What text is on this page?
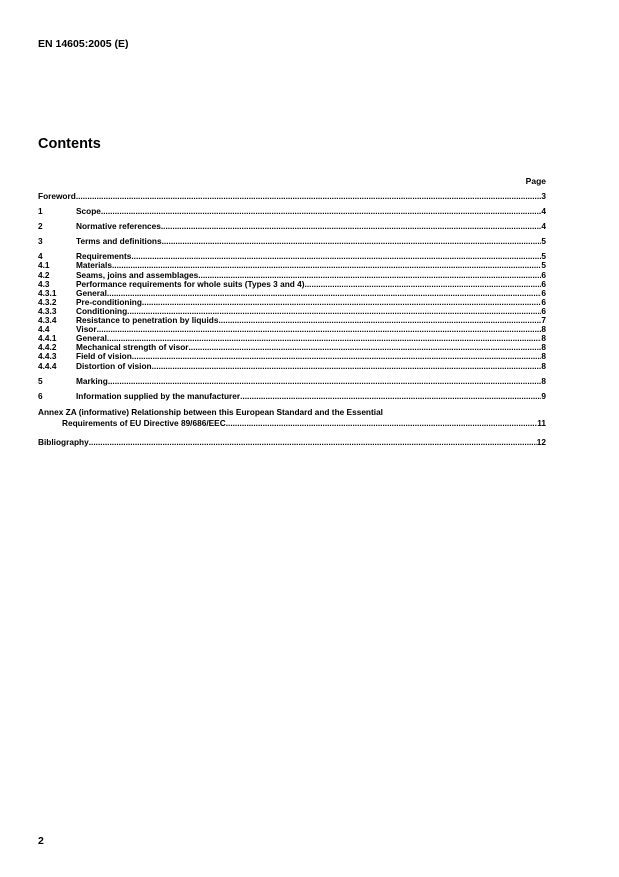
EN 14605:2005 (E)
Contents
Page
Foreword .....	3
1	Scope .....	4
2	Normative references .....	4
3	Terms and definitions .....	5
4	Requirements .....	5
4.1	Materials .....	5
4.2	Seams, joins and assemblages .....	6
4.3	Performance requirements for whole suits (Types 3 and 4) .....	6
4.3.1	General .....	6
4.3.2	Pre-conditioning .....	6
4.3.3	Conditioning .....	6
4.3.4	Resistance to penetration by liquids .....	7
4.4	Visor .....	8
4.4.1	General .....	8
4.4.2	Mechanical strength of visor .....	8
4.4.3	Field of vision .....	8
4.4.4	Distortion of vision .....	8
5	Marking .....	8
6	Information supplied by the manufacturer .....	9
Annex ZA (informative) Relationship between this European Standard and the Essential
Requirements of EU Directive 89/686/EEC .....	11
Bibliography .....	12
2
